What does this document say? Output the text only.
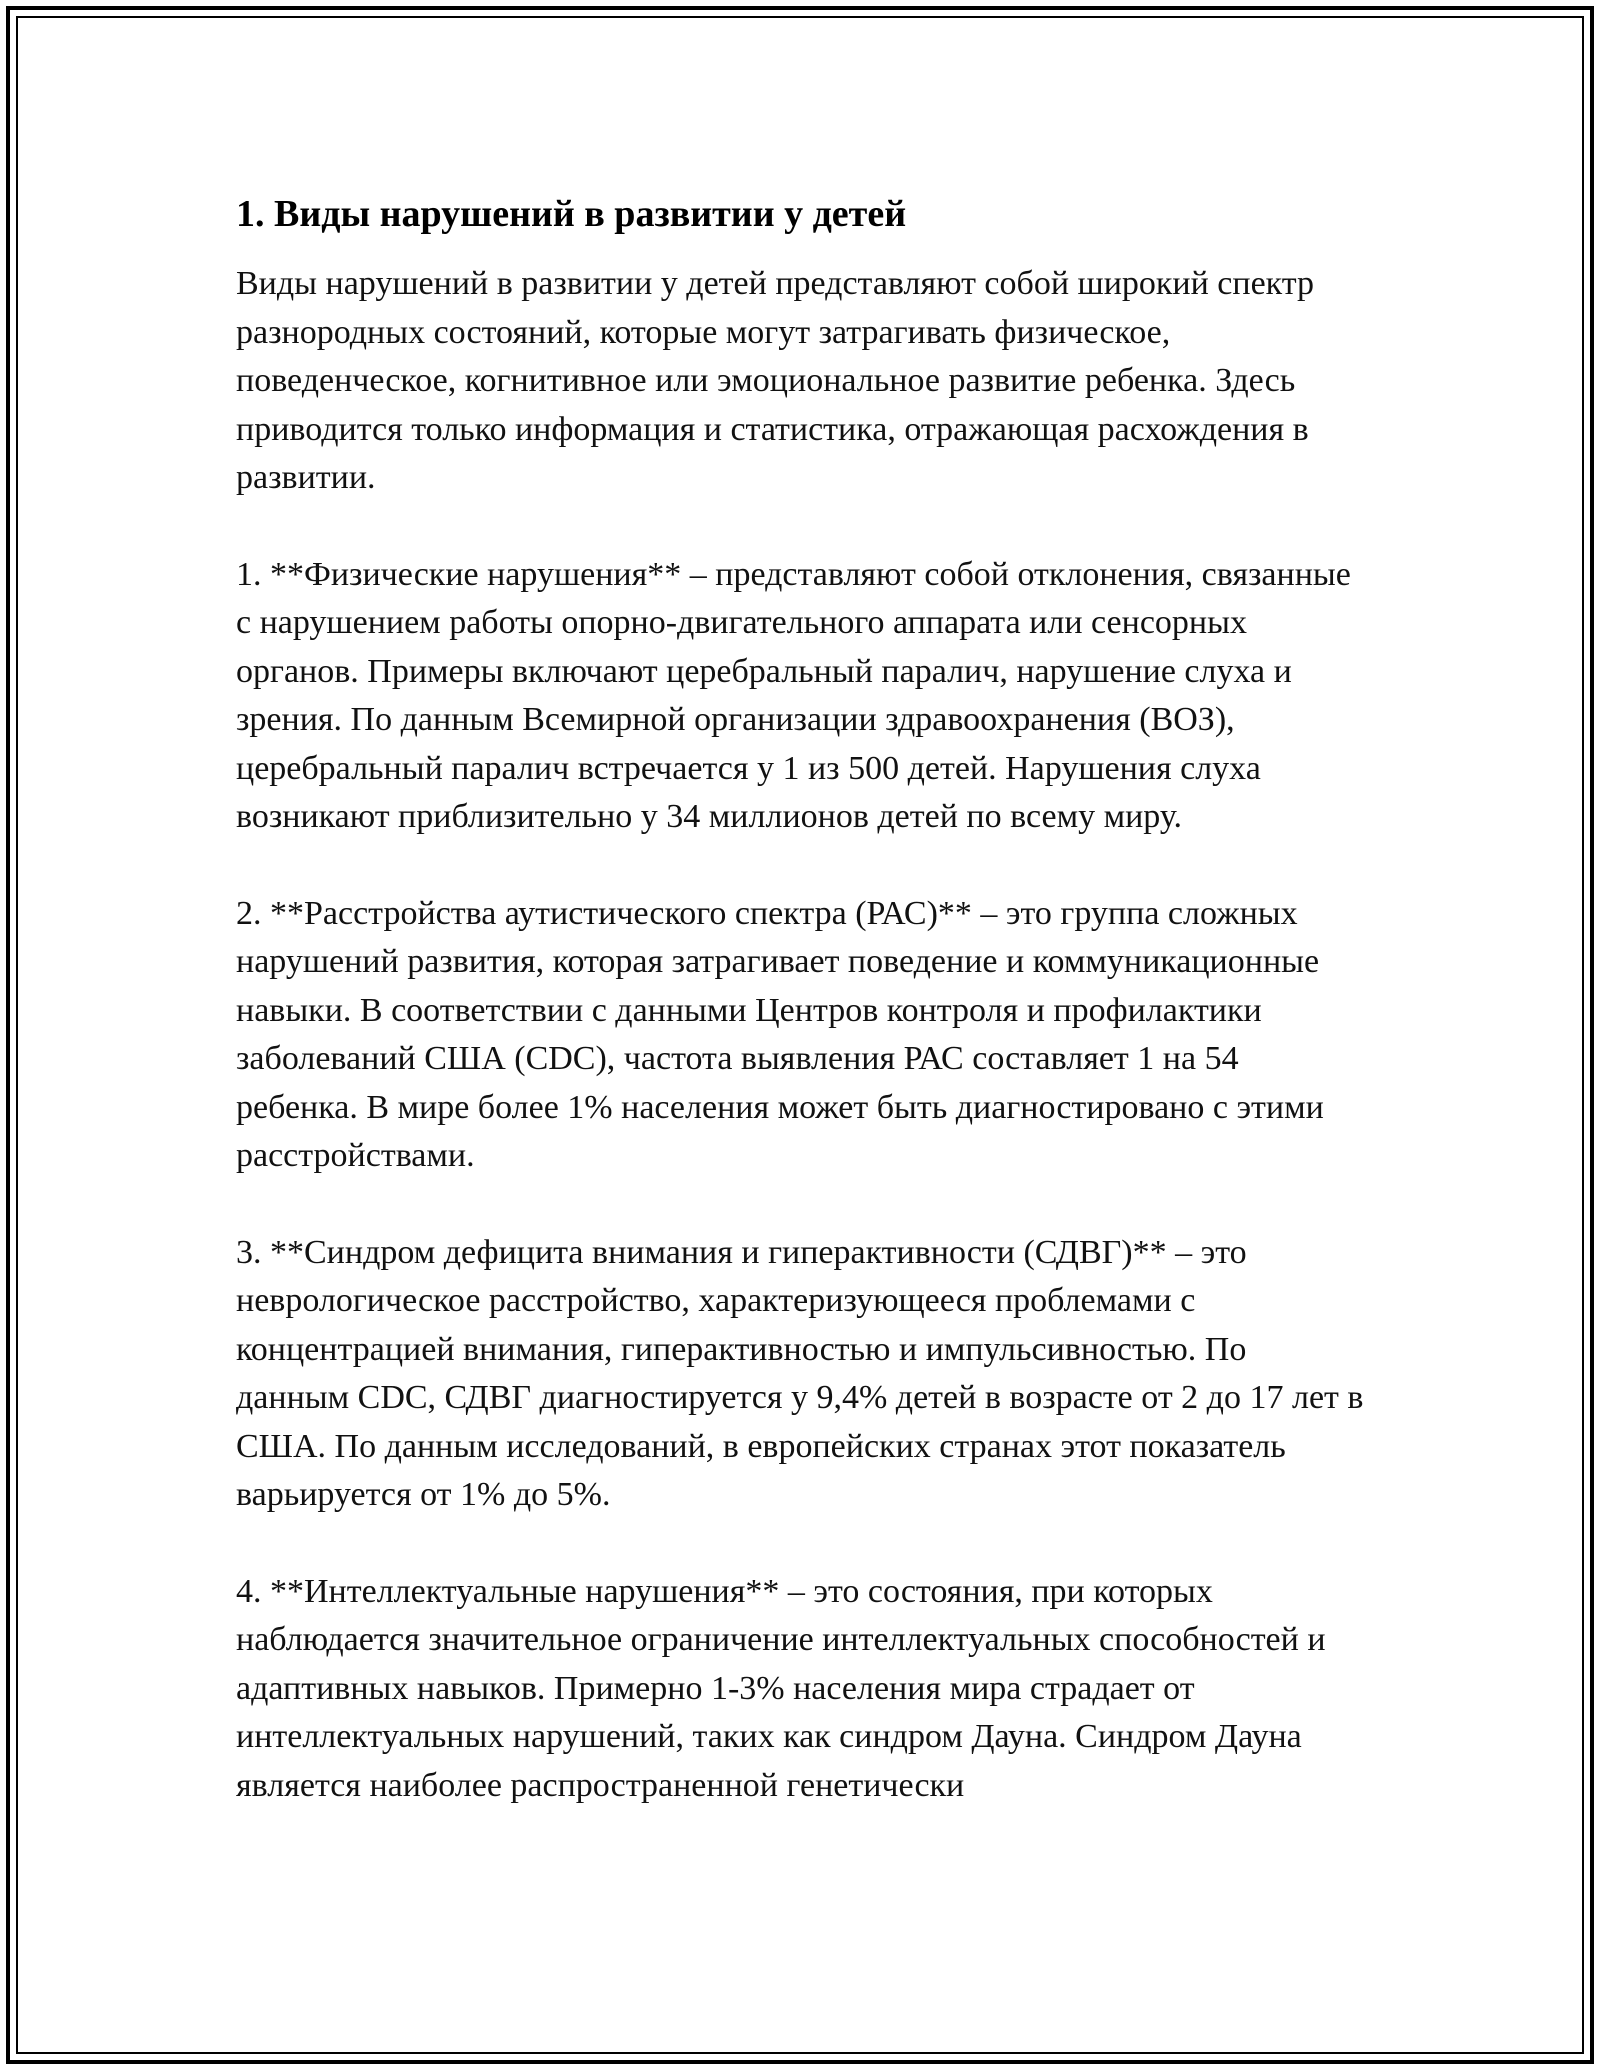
1. Виды нарушений в развитии у детей

Виды нарушений в развитии у детей представляют собой широкий спектр разнородных состояний, которые могут затрагивать физическое, поведенческое, когнитивное или эмоциональное развитие ребенка. Здесь приводится только информация и статистика, отражающая расхождения в развитии.

1. **Физические нарушения** – представляют собой отклонения, связанные с нарушением работы опорно-двигательного аппарата или сенсорных органов. Примеры включают церебральный паралич, нарушение слуха и зрения. По данным Всемирной организации здравоохранения (ВОЗ), церебральный паралич встречается у 1 из 500 детей. Нарушения слуха возникают приблизительно у 34 миллионов детей по всему миру.

2. **Расстройства аутистического спектра (РАС)** – это группа сложных нарушений развития, которая затрагивает поведение и коммуникационные навыки. В соответствии с данными Центров контроля и профилактики заболеваний США (CDC), частота выявления РАС составляет 1 на 54 ребенка. В мире более 1% населения может быть диагностировано с этими расстройствами.

3. **Синдром дефицита внимания и гиперактивности (СДВГ)** – это неврологическое расстройство, характеризующееся проблемами с концентрацией внимания, гиперактивностью и импульсивностью. По данным CDC, СДВГ диагностируется у 9,4% детей в возрасте от 2 до 17 лет в США. По данным исследований, в европейских странах этот показатель варьируется от 1% до 5%.

4. **Интеллектуальные нарушения** – это состояния, при которых наблюдается значительное ограничение интеллектуальных способностей и адаптивных навыков. Примерно 1-3% населения мира страдает от интеллектуальных нарушений, таких как синдром Дауна. Синдром Дауна является наиболее распространенной генетически
